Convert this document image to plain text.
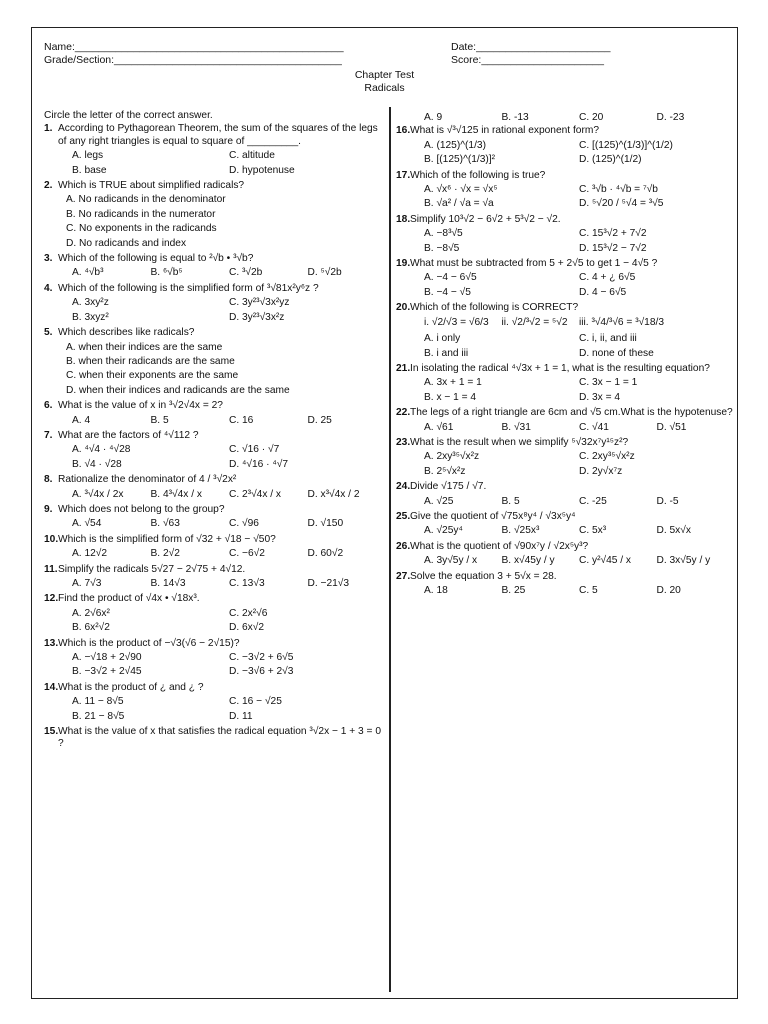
Name:______________________________________________
Grade/Section:_______________________________________
Date:_______________________
Score:_____________________
Chapter Test
Radicals
Circle the letter of the correct answer.
1. According to Pythagorean Theorem, the sum of the squares of the legs of any right triangles is equal to square of _________.
A. legs	C. altitude
B. base	D. hypotenuse
2. Which is TRUE about simplified radicals?
A. No radicands in the denominator
B. No radicands in the numerator
C. No exponents in the radicands
D. No radicands and index
3. Which of the following is equal to ²√b • ³√b?
A. ⁴√b³	B. ⁶√b⁵	C. ³√2b	D. ⁵√2b
4. Which of the following is the simplified form of ³√81x²y⁶z ?
A. 3xy²z	C. 3y²³√3x²yz
B. 3xyz²	D. 3y²³√3x²z
5. Which describes like radicals?
A. when their indices are the same
B. when their radicands are the same
C. when their exponents are the same
D. when their indices and radicands are the same
6. What is the value of x in ³√2√4x = 2?
A. 4	B. 5	C. 16	D. 25
7. What are the factors of ⁴√112 ?
A. ⁴√4 · ⁴√28	C. √16 · √7
B. √4 · √28	D. ⁴√16 · ⁴√7
8. Rationalize the denominator of 4 / ³√2x²
A. ³√4x / 2x	B. 4³√4x / x	C. 2³√4x / x	D. x³√4x / 2
9. Which does not belong to the group?
A. √54	B. √63	C. √96	D. √150
10. Which is the simplified form of √32 + √18 − √50?
A. 12√2	B. 2√2	C. −6√2	D. 60√2
11. Simplify the radicals 5√27 − 2√75 + 4√12.
A. 7√3	B. 14√3	C. 13√3	D. −21√3
12. Find the product of √4x • √18x³.
A. 2√6x²	C. 2x²√6
B. 6x²√2	D. 6x√2
13. Which is the product of −√3(√6 − 2√15)?
A. −√18 + 2√90	C. −3√2 + 6√5
B. −3√2 + 2√45	D. −3√6 + 2√3
14. What is the product of ¿ and ¿ ?
A. 11 − 8√5	C. 16 − √25
B. 21 − 8√5	D. 11
15. What is the value of x that satisfies the radical equation ³√2x − 1 + 3 = 0 ?
A. 9	B. -13	C. 20	D. -23
16. What is √³√125 in rational exponent form?
A. (125)^(1/3)	C. [(125)^(1/3)]^(1/2)
B. [(125)^(1/3)]²	D. (125)^(1/2)
17. Which of the following is true?
A. √x⁶ · √x = √x⁵	C. ³√b · ⁴√b = ⁷√b
B. √a² / √a = √a	D. ⁵√20 / ⁵√4 = ³√5
18. Simplify 10³√2 − 6√2 + 5³√2 − √2.
A. −8³√5	C. 15³√2 + 7√2
B. −8√5	D. 15³√2 − 7√2
19. What must be subtracted from 5 + 2√5 to get 1 − 4√5 ?
A. −4 − 6√5	C. 4 + ¿ 6√5
B. −4 − √5	D. 4 − 6√5
20. Which of the following is CORRECT?
i. √2/√3 = √6/3	ii. √2/³√2 = ⁵√2	iii. ³√4/³√6 = ³√18/3
A. i only	C. i, ii, and iii
B. i and iii	D. none of these
21. In isolating the radical ⁴√3x + 1 = 1, what is the resulting equation?
A. 3x + 1 = 1	C. 3x − 1 = 1
B. x − 1 = 4	D. 3x = 4
22. The legs of a right triangle are 6cm and √5 cm.What is the hypotenuse?
A. √61	B. √31	C. √41	D. √51
23. What is the result when we simplify ⁵√32x⁷y¹⁵z²?
A. 2xy³⁵√x²z	C. 2xy³⁵√x²z
B. 2⁵√x²z	D. 2y√x⁷z
24. Divide √175 / √7.
A. √25	B. 5	C. -25	D. -5
25. Give the quotient of √75x⁸y⁴ / √3x⁵y⁴
A. √25y⁴	B. √25x³	C. 5x³	D. 5x√x
26. What is the quotient of √90x⁷y / √2x⁵y³?
A. 3y√5y / x	B. x√45y / y	C. y²√45 / x	D. 3x√5y / y
27. Solve the equation 3 + 5√x = 28.
A. 18	B. 25	C. 5	D. 20
